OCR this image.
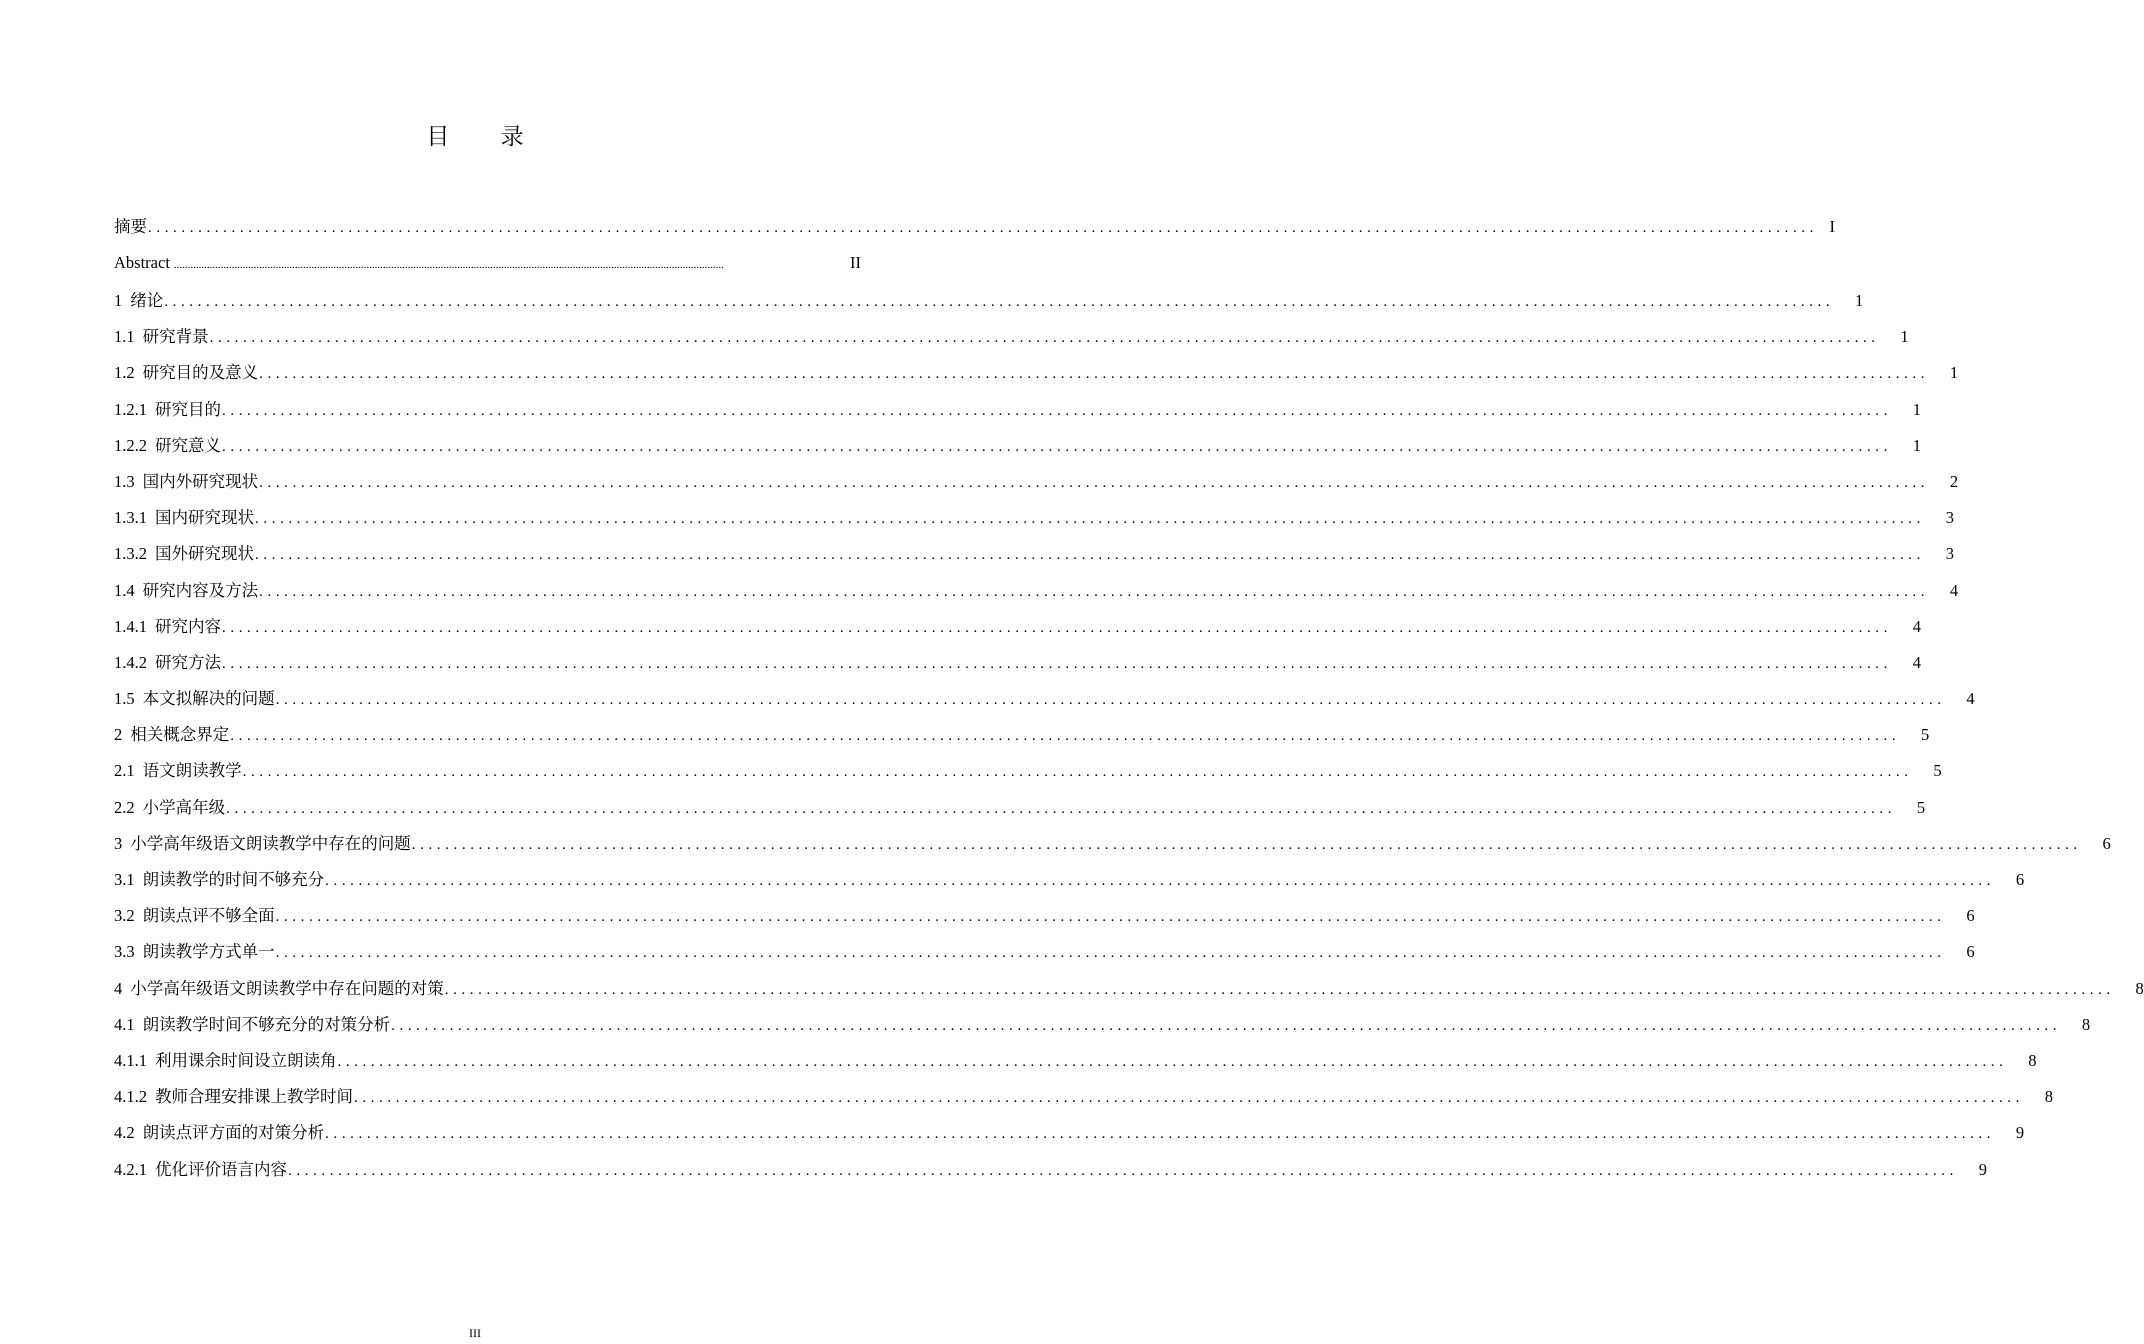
目 录
摘要 ........................................................................................................................................................................................................ I
Abstract ........................................................................................................................................................................................................	II
1 绪论 ........................................................................................................................................................................................................	1
1.1 研究背景 ........................................................................................................................................................................................................	1
1.2 研究目的及意义 ........................................................................................................................................................................................................	1
1.2.1 研究目的 ........................................................................................................................................................................................................	1
1.2.2 研究意义 ........................................................................................................................................................................................................	1
1.3 国内外研究现状 ........................................................................................................................................................................................................	2
1.3.1 国内研究现状 ........................................................................................................................................................................................................	3
1.3.2 国外研究现状 ........................................................................................................................................................................................................	3
1.4 研究内容及方法 ........................................................................................................................................................................................................	4
1.4.1 研究内容 ........................................................................................................................................................................................................	4
1.4.2 研究方法 ........................................................................................................................................................................................................	4
1.5 本文拟解决的问题 ........................................................................................................................................................................................................	4
2 相关概念界定 ........................................................................................................................................................................................................	5
2.1 语文朗读教学 ........................................................................................................................................................................................................	5
2.2 小学高年级 ........................................................................................................................................................................................................	5
3 小学高年级语文朗读教学中存在的问题 ........................................................................................................................................................................................................	6
3.1 朗读教学的时间不够充分 ........................................................................................................................................................................................................	6
3.2 朗读点评不够全面 ........................................................................................................................................................................................................	6
3.3 朗读教学方式单一 ........................................................................................................................................................................................................	6
4 小学高年级语文朗读教学中存在问题的对策 ........................................................................................................................................................................................................	8
4.1 朗读教学时间不够充分的对策分析 ........................................................................................................................................................................................................	8
4.1.1 利用课余时间设立朗读角 ........................................................................................................................................................................................................	8
4.1.2 教师合理安排课上教学时间 ........................................................................................................................................................................................................	8
4.2 朗读点评方面的对策分析 ........................................................................................................................................................................................................	9
4.2.1 优化评价语言内容 ........................................................................................................................................................................................................	9
III
